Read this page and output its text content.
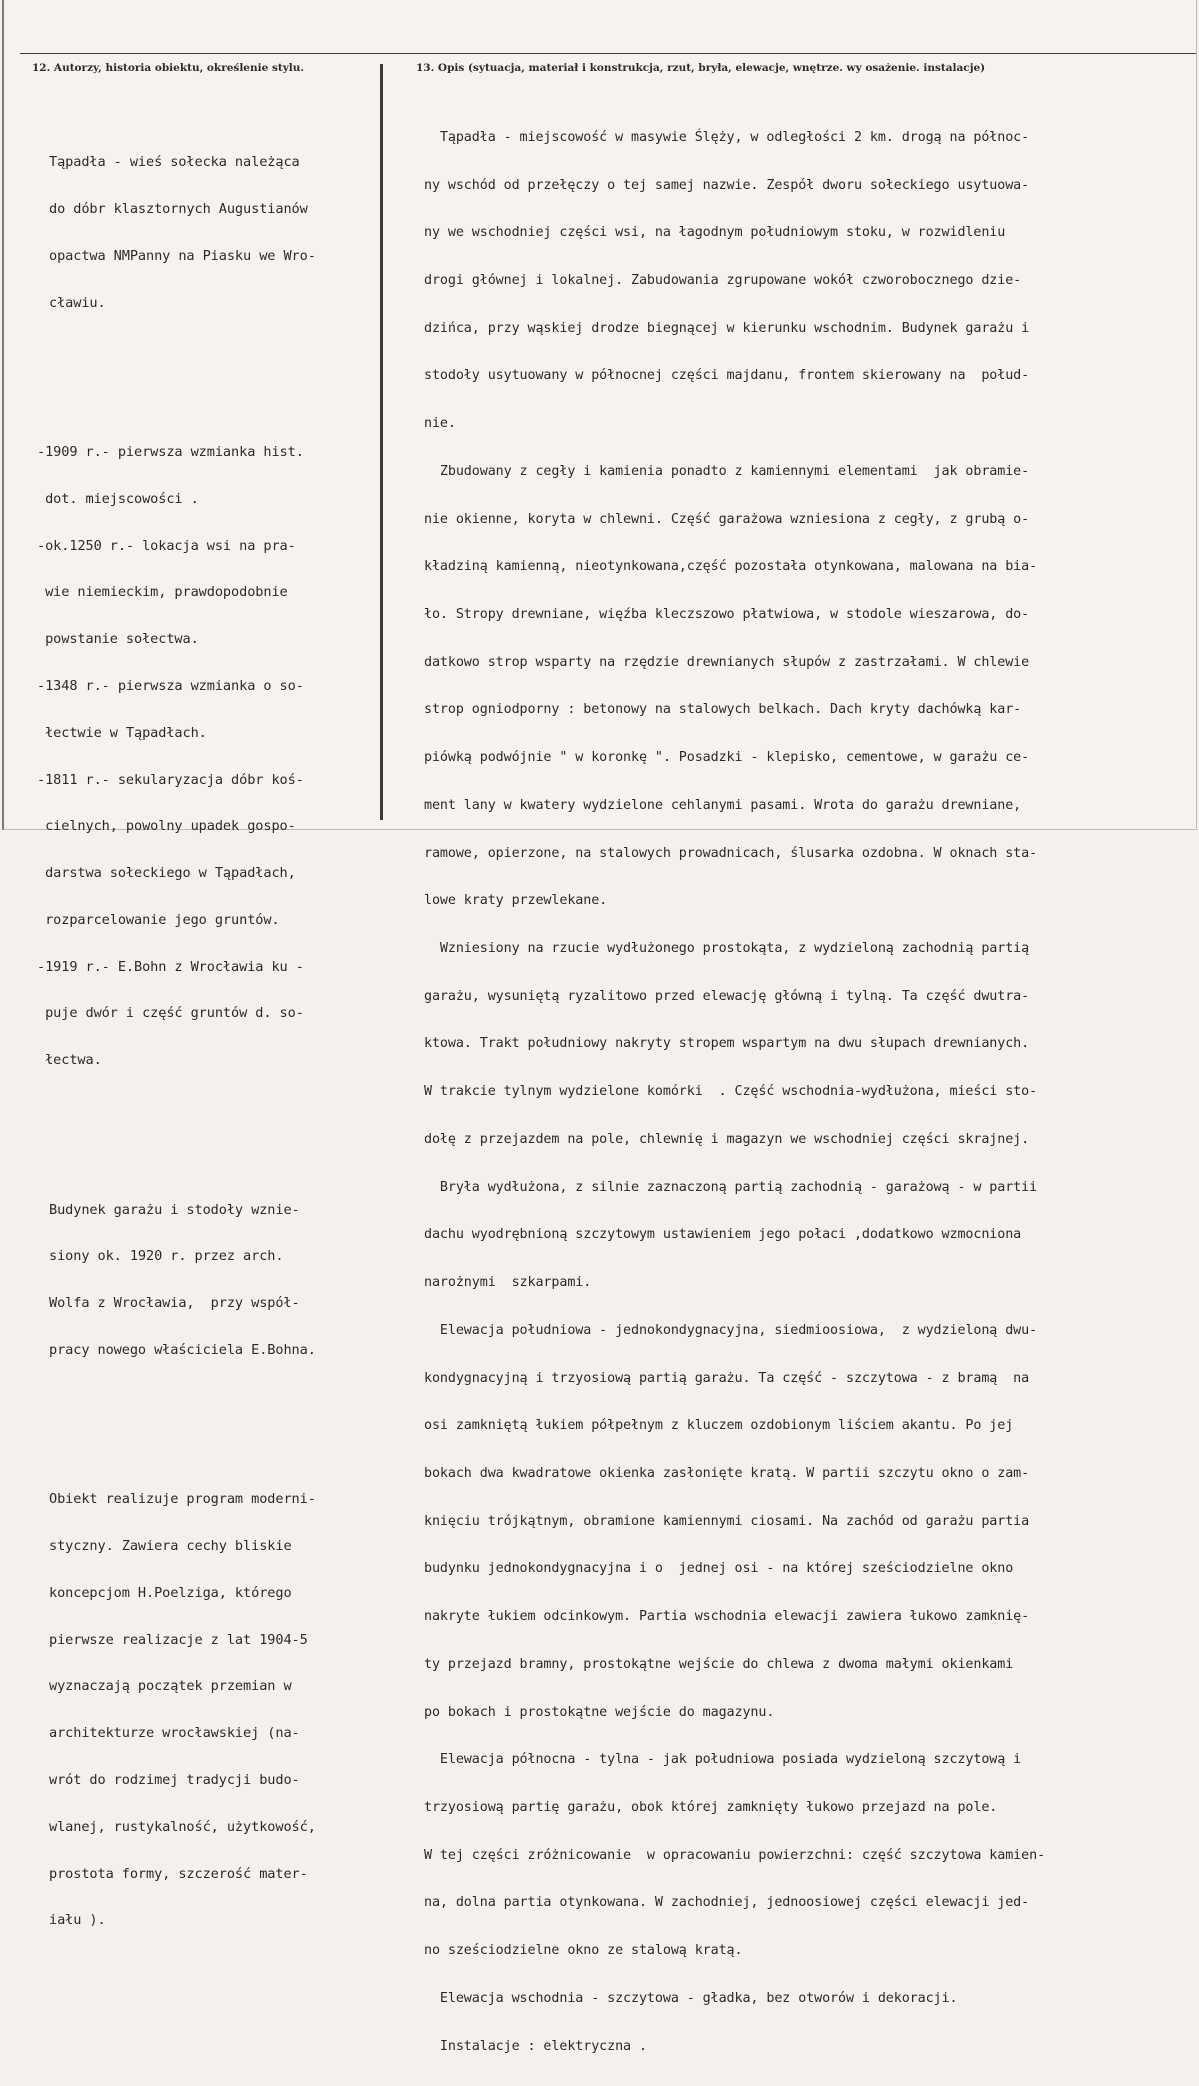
12. Autorzy, historia obiektu, określenie stylu.	13. Opis (sytuacja, materiał i konstrukcja, rzut, bryła, elewacje, wnętrze. wy osażenie. instalacje)

Tąpadła - wieś sołecka należąca

do dóbr klasztornych Augustianów

opactwa NMPanny na Piasku we Wro-

cławiu.

-1909 r.- pierwsza wzmianka hist.

dot. miejscowości .

-ok.1250 r.- lokacja wsi na pra-

wie niemieckim, prawdopodobnie

powstanie sołectwa.

-1348 r.- pierwsza wzmianka o so-

łectwie w Tąpadłach.

-1811 r.- sekularyzacja dóbr koś-

cielnych, powolny upadek gospo-

darstwa sołeckiego w Tąpadłach,

rozparcelowanie jego gruntów.

-1919 r.- E.Bohn z Wrocławia ku -

puje dwór i część gruntów d. so-

łectwa.

Budynek garażu i stodoły wznie-

siony ok. 1920 r. przez arch.

Wolfa z Wrocławia,  przy współ-

pracy nowego właściciela E.Bohna.

Obiekt realizuje program moderni-

styczny. Zawiera cechy bliskie

koncepcjom H.Poelziga, którego

pierwsze realizacje z lat 1904-5

wyznaczają początek przemian w

architekturze wrocławskiej (na-

wrót do rodzimej tradycji budo-

wlanej, rustykalność, użytkowość,

prostota formy, szczerość mater-

iału ).

Tąpadła - miejscowość w masywie Ślęży, w odległości 2 km. drogą na północ-

ny wschód od przełęczy o tej samej nazwie. Zespół dworu sołeckiego usytuowa-

ny we wschodniej części wsi, na łagodnym południowym stoku, w rozwidleniu

drogi głównej i lokalnej. Zabudowania zgrupowane wokół czworobocznego dzie-

dzińca, przy wąskiej drodze biegnącej w kierunku wschodnim. Budynek garażu i

stodoły usytuowany w północnej części majdanu, frontem skierowany na  połud-

nie.

Zbudowany z cegły i kamienia ponadto z kamiennymi elementami  jak obramie-

nie okienne, koryta w chlewni. Część garażowa wzniesiona z cegły, z grubą o-

kładziną kamienną, nieotynkowana,część pozostała otynkowana, malowana na bia-

ło. Stropy drewniane, więźba kleczszowo płatwiowa, w stodole wieszarowa, do-

datkowo strop wsparty na rzędzie drewnianych słupów z zastrzałami. W chlewie

strop ogniodporny : betonowy na stalowych belkach. Dach kryty dachówką kar-

piówką podwójnie " w koronkę ". Posadzki - klepisko, cementowe, w garażu ce-

ment lany w kwatery wydzielone cehlanymi pasami. Wrota do garażu drewniane,

ramowe, opierzone, na stalowych prowadnicach, ślusarka ozdobna. W oknach sta-

lowe kraty przewlekane.

Wzniesiony na rzucie wydłużonego prostokąta, z wydzieloną zachodnią partią

garażu, wysuniętą ryzalitowo przed elewację główną i tylną. Ta część dwutra-

ktowa. Trakt południowy nakryty stropem wspartym na dwu słupach drewnianych.

W trakcie tylnym wydzielone komórki  . Część wschodnia-wydłużona, mieści sto-

dołę z przejazdem na pole, chlewnię i magazyn we wschodniej części skrajnej.

Bryła wydłużona, z silnie zaznaczoną partią zachodnią - garażową - w partii

dachu wyodrębnioną szczytowym ustawieniem jego połaci ,dodatkowo wzmocniona

narożnymi  szkarpami.

Elewacja południowa - jednokondygnacyjna, siedmioosiowa,  z wydzieloną dwu-

kondygnacyjną i trzyosiową partią garażu. Ta część - szczytowa - z bramą  na

osi zamkniętą łukiem półpełnym z kluczem ozdobionym liściem akantu. Po jej

bokach dwa kwadratowe okienka zasłonięte kratą. W partii szczytu okno o zam-

knięciu trójkątnym, obramione kamiennymi ciosami. Na zachód od garażu partia

budynku jednokondygnacyjna i o  jednej osi - na której sześciodzielne okno

nakryte łukiem odcinkowym. Partia wschodnia elewacji zawiera łukowo zamknię-

ty przejazd bramny, prostokątne wejście do chlewa z dwoma małymi okienkami

po bokach i prostokątne wejście do magazynu.

Elewacja północna - tylna - jak południowa posiada wydzieloną szczytową i

trzyosiową partię garażu, obok której zamknięty łukowo przejazd na pole.

W tej części zróżnicowanie  w opracowaniu powierzchni: część szczytowa kamien-

na, dolna partia otynkowana. W zachodniej, jednoosiowej części elewacji jed-

no sześciodzielne okno ze stalową kratą.

Elewacja wschodnia - szczytowa - gładka, bez otworów i dekoracji.

Instalacje : elektryczna .
